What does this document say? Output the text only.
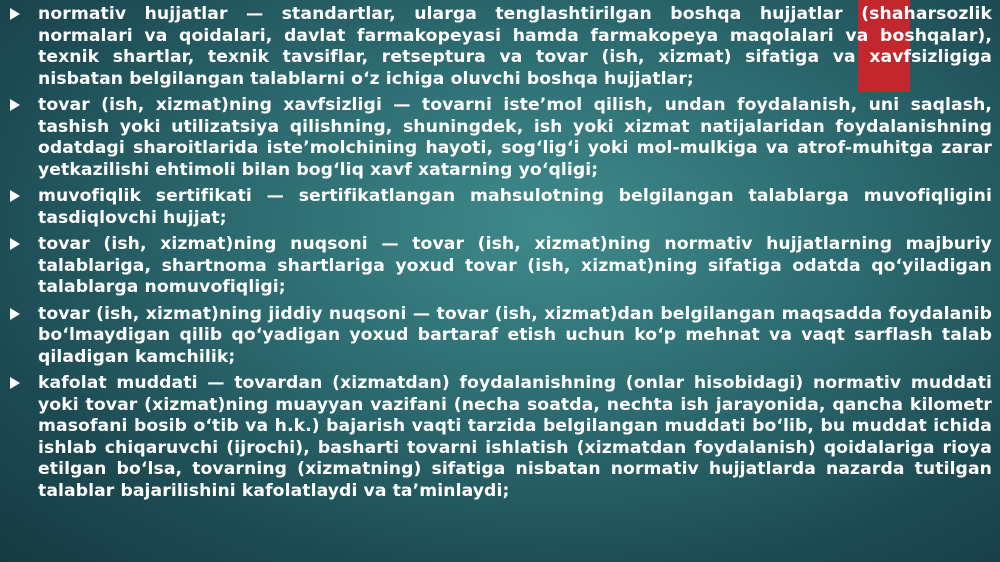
normativ hujjatlar — standartlar, ularga tenglashtirilgan boshqa hujjatlar (shaharsozlik normalari va qoidalari, davlat farmakopeyasi hamda farmakopeya maqolalari va boshqalar), texnik shartlar, texnik tavsiflar, retseptura va tovar (ish, xizmat) sifatiga va xavfsizligiga nisbatan belgilangan talablarni o‘z ichiga oluvchi boshqa hujjatlar;

tovar (ish, xizmat)ning xavfsizligi — tovarni iste’mol qilish, undan foydalanish, uni saqlash, tashish yoki utilizatsiya qilishning, shuningdek, ish yoki xizmat natijalaridan foydalanishning odatdagi sharoitlarida iste’molchining hayoti, sog‘lig‘i yoki mol-mulkiga va atrof-muhitga zarar yetkazilishi ehtimoli bilan bog‘liq xavf xatarning yo‘qligi;

muvofiqlik sertifikati — sertifikatlangan mahsulotning belgilangan talablarga muvofiqligini tasdiqlovchi hujjat;

tovar (ish, xizmat)ning nuqsoni — tovar (ish, xizmat)ning normativ hujjatlarning majburiy talablariga, shartnoma shartlariga yoxud tovar (ish, xizmat)ning sifatiga odatda qo‘yiladigan talablarga nomuvofiqligi;

tovar (ish, xizmat)ning jiddiy nuqsoni — tovar (ish, xizmat)dan belgilangan maqsadda foydalanib bo‘lmaydigan qilib qo‘yadigan yoxud bartaraf etish uchun ko‘p mehnat va vaqt sarflash talab qiladigan kamchilik;

kafolat muddati — tovardan (xizmatdan) foydalanishning (onlar hisobidagi) normativ muddati yoki tovar (xizmat)ning muayyan vazifani (necha soatda, nechta ish jarayonida, qancha kilometr masofani bosib o‘tib va h.k.) bajarish vaqti tarzida belgilangan muddati bo‘lib, bu muddat ichida ishlab chiqaruvchi (ijrochi), basharti tovarni ishlatish (xizmatdan foydalanish) qoidalariga rioya etilgan bo‘lsa, tovarning (xizmatning) sifatiga nisbatan normativ hujjatlarda nazarda tutilgan talablar bajarilishini kafolatlaydi va ta’minlaydi;
